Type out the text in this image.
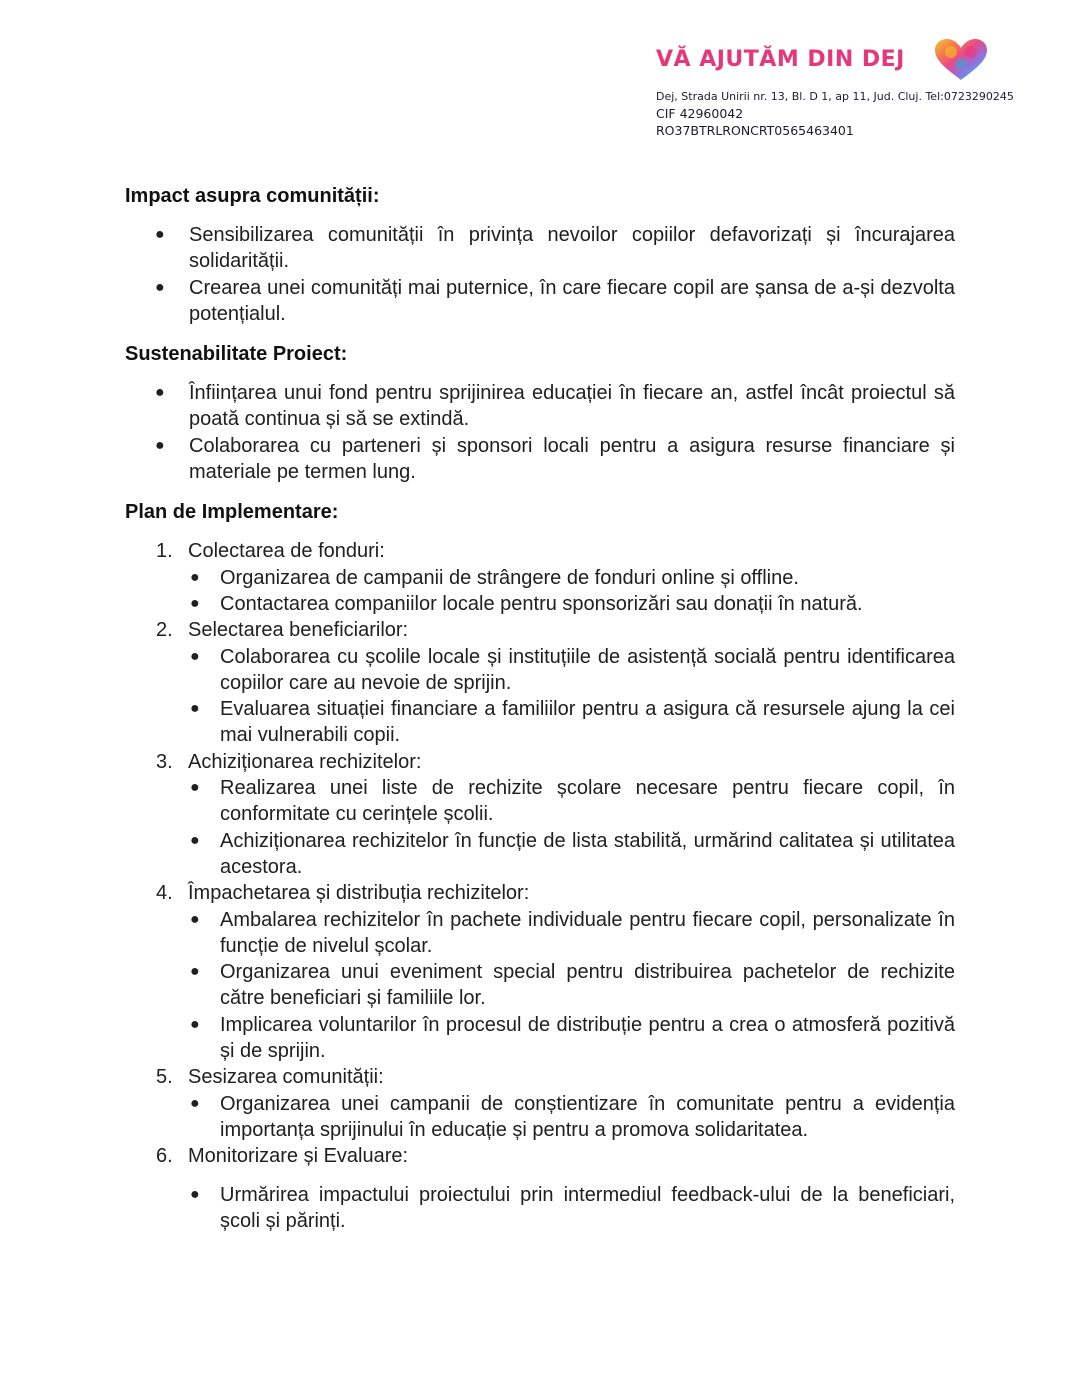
VĂ AJUTĂM DIN DEJ
Dej, Strada Unirii nr. 13, Bl. D 1, ap 11, Jud. Cluj. Tel:0723290245
CIF 42960042
RO37BTRLRONCRT0565463401
Impact asupra comunității:
● Sensibilizarea comunității în privința nevoilor copiilor defavorizați și încurajarea solidarității.
● Crearea unei comunități mai puternice, în care fiecare copil are șansa de a-și dezvolta potențialul.
Sustenabilitate Proiect:
● Înființarea unui fond pentru sprijinirea educației în fiecare an, astfel încât proiectul să poată continua și să se extindă.
● Colaborarea cu parteneri și sponsori locali pentru a asigura resurse financiare și materiale pe termen lung.
Plan de Implementare:
1. Colectarea de fonduri:
● Organizarea de campanii de strângere de fonduri online și offline.
● Contactarea companiilor locale pentru sponsorizări sau donații în natură.
2. Selectarea beneficiarilor:
● Colaborarea cu școlile locale și instituțiile de asistență socială pentru identificarea copiilor care au nevoie de sprijin.
● Evaluarea situației financiare a familiilor pentru a asigura că resursele ajung la cei mai vulnerabili copii.
3. Achiziționarea rechizitelor:
● Realizarea unei liste de rechizite școlare necesare pentru fiecare copil, în conformitate cu cerințele școlii.
● Achiziționarea rechizitelor în funcție de lista stabilită, urmărind calitatea și utilitatea acestora.
4. Împachetarea și distribuția rechizitelor:
● Ambalarea rechizitelor în pachete individuale pentru fiecare copil, personalizate în funcție de nivelul școlar.
● Organizarea unui eveniment special pentru distribuirea pachetelor de rechizite către beneficiari și familiile lor.
● Implicarea voluntarilor în procesul de distribuție pentru a crea o atmosferă pozitivă și de sprijin.
5. Sesizarea comunității:
● Organizarea unei campanii de conștientizare în comunitate pentru a evidenția importanța sprijinului în educație și pentru a promova solidaritatea.
6. Monitorizare și Evaluare:
● Urmărirea impactului proiectului prin intermediul feedback-ului de la beneficiari, școli și părinți.
